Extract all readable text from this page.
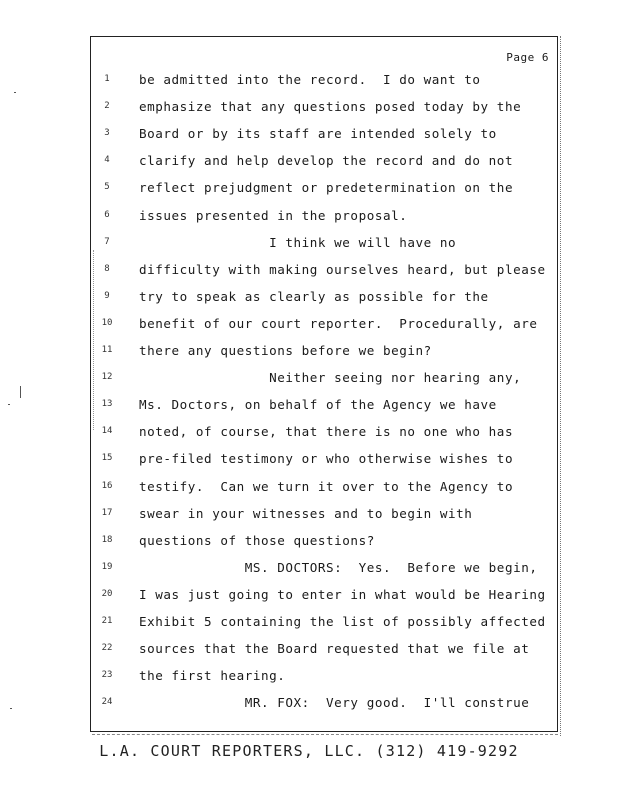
Page 6
1	be admitted into the record.  I do want to
2	emphasize that any questions posed today by the
3	Board or by its staff are intended solely to
4	clarify and help develop the record and do not
5	reflect prejudgment or predetermination on the
6	issues presented in the proposal.
7	I think we will have no
8	difficulty with making ourselves heard, but please
9	try to speak as clearly as possible for the
10 benefit of our court reporter.  Procedurally, are
11 there any questions before we begin?
12 Neither seeing nor hearing any,
13 Ms. Doctors, on behalf of the Agency we have
14 noted, of course, that there is no one who has
15 pre-filed testimony or who otherwise wishes to
16 testify.  Can we turn it over to the Agency to
17 swear in your witnesses and to begin with
18 questions of those questions?
19 MS. DOCTORS:  Yes.  Before we begin,
20 I was just going to enter in what would be Hearing
21 Exhibit 5 containing the list of possibly affected
22 sources that the Board requested that we file at
23 the first hearing.
24 MR. FOX:  Very good.  I'll construe
L.A. COURT REPORTERS, LLC. (312) 419-9292
